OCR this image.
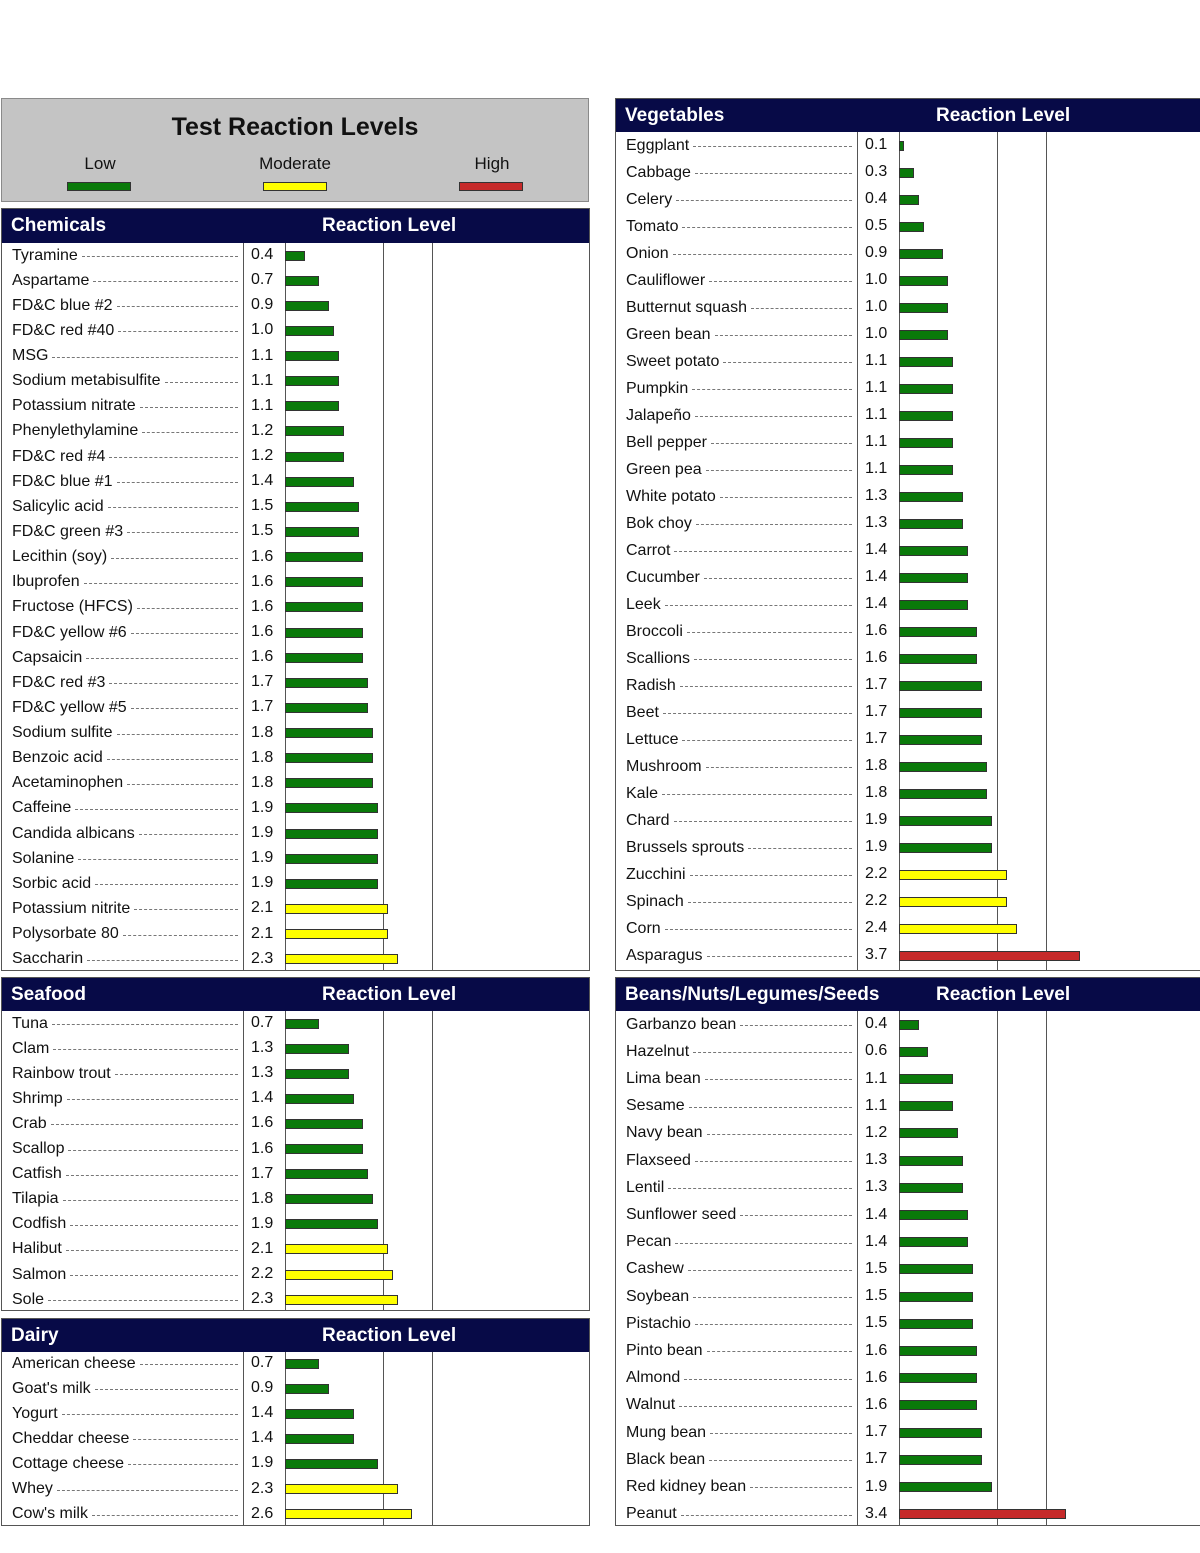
Test Reaction Levels
Low	Moderate	High
Chemicals	Reaction Level
Tyramine	0.4
Aspartame	0.7
FD&C blue #2	0.9
FD&C red #40	1.0
MSG	1.1
Sodium metabisulfite	1.1
Potassium nitrate	1.1
Phenylethylamine	1.2
FD&C red #4	1.2
FD&C blue #1	1.4
Salicylic acid	1.5
FD&C green #3	1.5
Lecithin (soy)	1.6
Ibuprofen	1.6
Fructose (HFCS)	1.6
FD&C yellow #6	1.6
Capsaicin	1.6
FD&C red #3	1.7
FD&C yellow #5	1.7
Sodium sulfite	1.8
Benzoic acid	1.8
Acetaminophen	1.8
Caffeine	1.9
Candida albicans	1.9
Solanine	1.9
Sorbic acid	1.9
Potassium nitrite	2.1
Polysorbate 80	2.1
Saccharin	2.3
Seafood	Reaction Level
Tuna	0.7
Clam	1.3
Rainbow trout	1.3
Shrimp	1.4
Crab	1.6
Scallop	1.6
Catfish	1.7
Tilapia	1.8
Codfish	1.9
Halibut	2.1
Salmon	2.2
Sole	2.3
Dairy	Reaction Level
American cheese	0.7
Goat's milk	0.9
Yogurt	1.4
Cheddar cheese	1.4
Cottage cheese	1.9
Whey	2.3
Cow's milk	2.6
Vegetables	Reaction Level
Eggplant	0.1
Cabbage	0.3
Celery	0.4
Tomato	0.5
Onion	0.9
Cauliflower	1.0
Butternut squash	1.0
Green bean	1.0
Sweet potato	1.1
Pumpkin	1.1
Jalapeño	1.1
Bell pepper	1.1
Green pea	1.1
White potato	1.3
Bok choy	1.3
Carrot	1.4
Cucumber	1.4
Leek	1.4
Broccoli	1.6
Scallions	1.6
Radish	1.7
Beet	1.7
Lettuce	1.7
Mushroom	1.8
Kale	1.8
Chard	1.9
Brussels sprouts	1.9
Zucchini	2.2
Spinach	2.2
Corn	2.4
Asparagus	3.7
Beans/Nuts/Legumes/Seeds	Reaction Level
Garbanzo bean	0.4
Hazelnut	0.6
Lima bean	1.1
Sesame	1.1
Navy bean	1.2
Flaxseed	1.3
Lentil	1.3
Sunflower seed	1.4
Pecan	1.4
Cashew	1.5
Soybean	1.5
Pistachio	1.5
Pinto bean	1.6
Almond	1.6
Walnut	1.6
Mung bean	1.7
Black bean	1.7
Red kidney bean	1.9
Peanut	3.4
